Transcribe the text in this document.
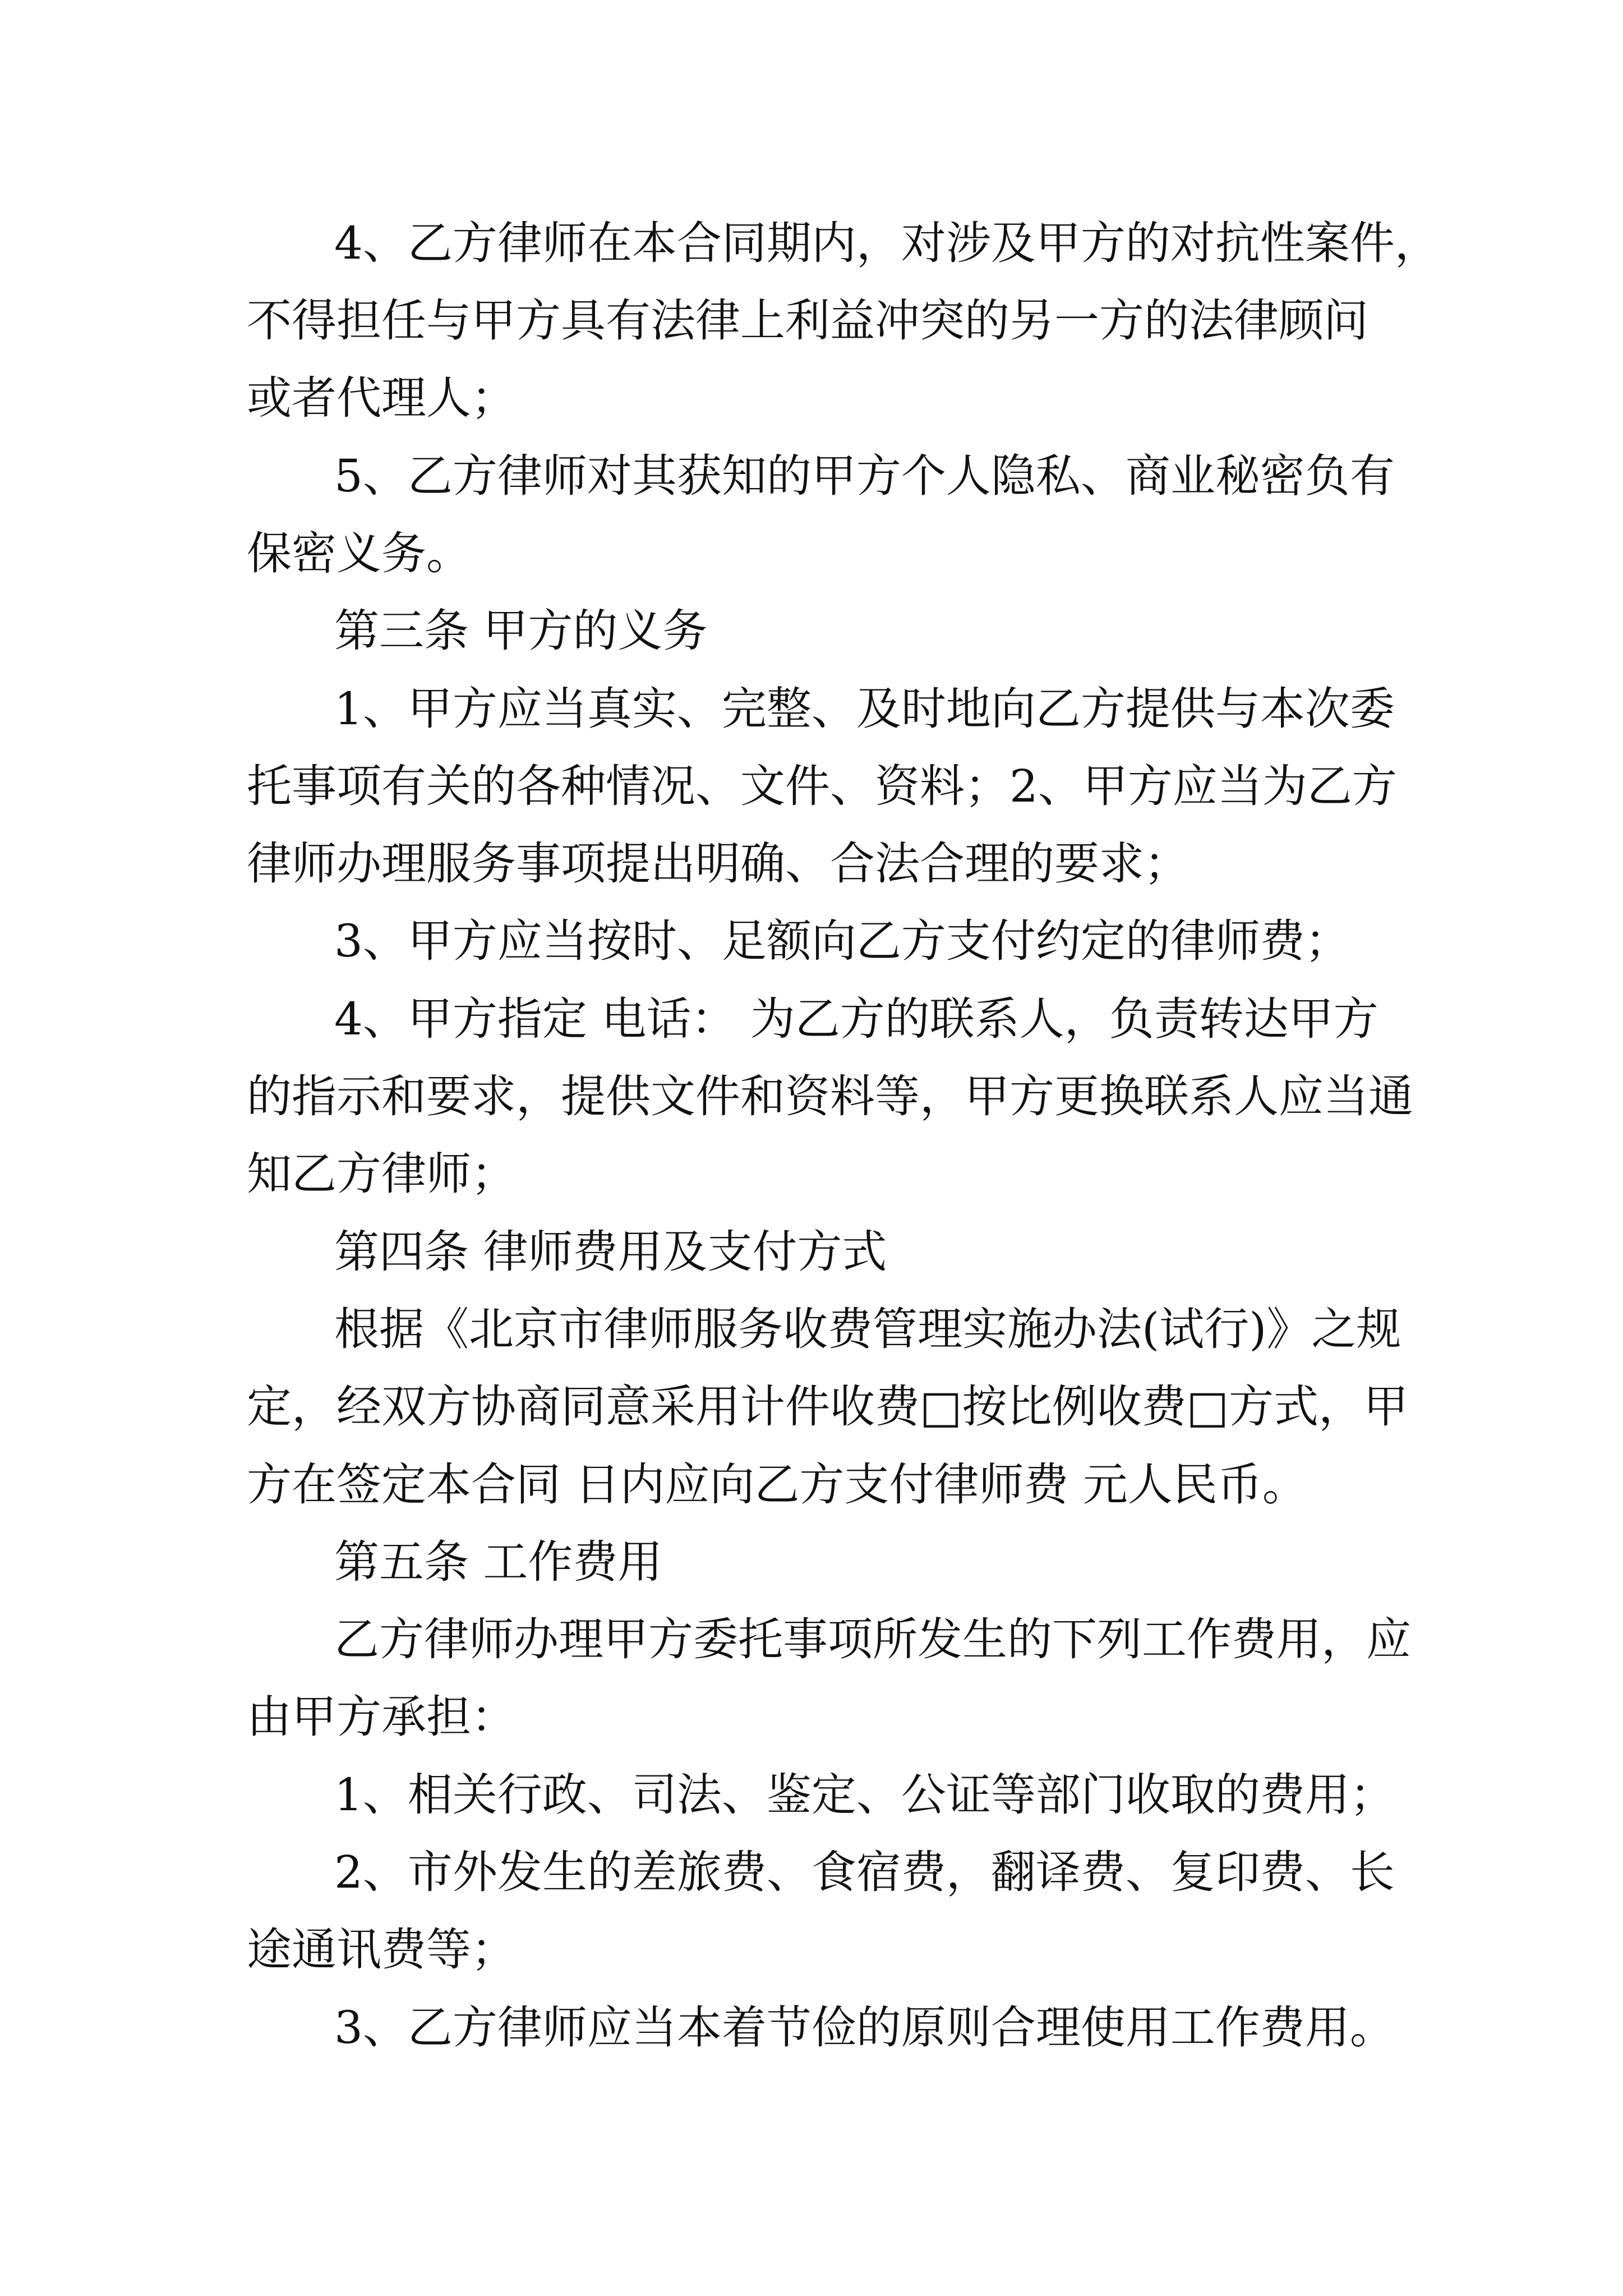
4、乙方律师在本合同期内，对涉及甲方的对抗性案件，
不得担任与甲方具有法律上利益冲突的另一方的法律顾问
或者代理人；
5、乙方律师对其获知的甲方个人隐私、商业秘密负有
保密义务。
第三条 甲方的义务
1、甲方应当真实、完整、及时地向乙方提供与本次委
托事项有关的各种情况、文件、资料；2、甲方应当为乙方
律师办理服务事项提出明确、合法合理的要求；
3、甲方应当按时、足额向乙方支付约定的律师费；
4、甲方指定 电话： 为乙方的联系人，负责转达甲方
的指示和要求，提供文件和资料等，甲方更换联系人应当通
知乙方律师；
第四条 律师费用及支付方式
根据《北京市律师服务收费管理实施办法(试行)》之规
定，经双方协商同意采用计件收费□按比例收费□方式，甲
方在签定本合同 日内应向乙方支付律师费 元人民币。
第五条 工作费用
乙方律师办理甲方委托事项所发生的下列工作费用，应
由甲方承担：
1、相关行政、司法、鉴定、公证等部门收取的费用；
2、市外发生的差旅费、食宿费，翻译费、复印费、长
途通讯费等；
3、乙方律师应当本着节俭的原则合理使用工作费用。
